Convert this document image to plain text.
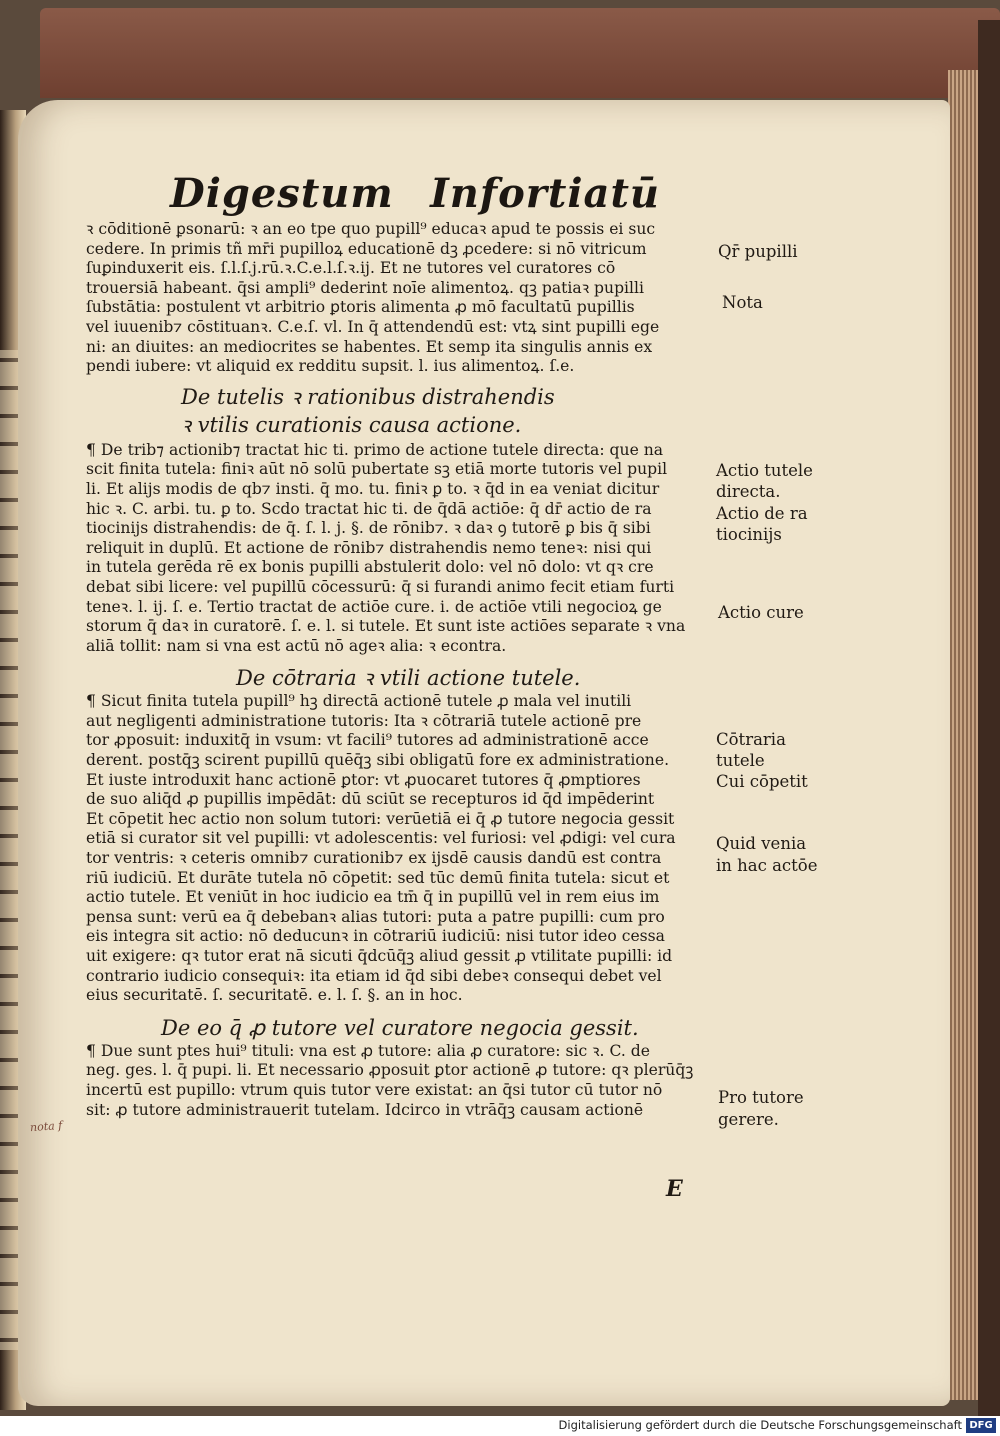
Digestum Infortiatū
ꝛ cōditionē ꝑsonarū: ꝛ an eo tpe quo pupill⁹ educaꝛ apud te possis ei suc
cedere. In primis tñ mr̄i pupilloꝝ educationē dꝫ ꝓcedere: si nō vitricum
ſuꝑinduxerit eis. ſ.l.ſ.j.rū.ꝛ.C.e.l.ſ.ꝛ.ij. Et ne tutores vel curatores cō
trouersiā habeant. q̄si ampli⁹ dederint noīe alimentoꝝ. qꝫ patiaꝛ pupilli
ſubstātia: postulent vt arbitrio ꝑtoris alimenta ꝓ mō facultatū pupillis
vel iuuenib⁊ cōstituanꝛ. C.e.ſ. vl. In q̄ attendendū est: vtꝝ sint pupilli ege
ni: an diuites: an mediocrites se habentes. Et semp ita singulis annis ex
pendi iubere: vt aliquid ex redditu supsit. l. ius alimentoꝝ. ſ.e.
De tutelis ꝛ rationibus distrahendis
ꝛ vtilis curationis causa actione.
¶ De trib⁊ actionib⁊ tractat hic ti. primo de actione tutele directa: que na
scit finita tutela: finiꝛ aūt nō solū pubertate sꝫ etiā morte tutoris vel pupil
li. Et alijs modis de qb⁊ insti. q̄ mo. tu. finiꝛ ꝑ to. ꝛ q̄d in ea veniat dicitur
hic ꝛ. C. arbi. tu. ꝑ to. Scd̄o tractat hic ti. de q̄dā actiōe: q̄ dr̄ actio de ra
tiocinijs distrahendis: de q̄. ſ. l. j. §. de rōnib⁊. ꝛ daꝛ ꝯ tutorē ꝑ bis q̄ sibi
reliquit in duplū. Et actione de rōnib⁊ distrahendis nemo teneꝛ: nisi qui
in tutela gerēda rē ex bonis pupilli abstulerit dolo: vel nō dolo: vt qꝛ cre
debat sibi licere: vel pupillū cōcessurū: q̄ si furandi animo fecit etiam furti
teneꝛ. l. ij. ſ. e. Tertio tractat de actiōe cure. i. de actiōe vtili negocioꝝ ge
storum q̄ daꝛ in curatorē. ſ. e. l. si tutele. Et sunt iste actiōes separate ꝛ vna
aliā tollit: nam si vna est actū nō ageꝛ alia: ꝛ econtra.
De cōtraria ꝛ vtili actione tutele.
¶ Sicut finita tutela pupill⁹ hꝫ directā actionē tutele ꝓ mala vel inutili
aut negligenti administratione tutoris: Ita ꝛ cōtrariā tutele actionē pre
tor ꝓposuit: induxitq̄ in vsum: vt facili⁹ tutores ad administrationē acce
derent. postq̄ꝫ scirent pupillū quēq̄ꝫ sibi obligatū fore ex administratione.
Et iuste introduxit hanc actionē ꝑtor: vt ꝓuocaret tutores q̄ ꝓmptiores
de suo aliq̄d ꝓ pupillis impēdāt: dū sciūt se recepturos id q̄d impēderint
Et cōpetit hec actio non solum tutori: verūetiā ei q̄ ꝓ tutore negocia gessit
etiā si curator sit vel pupilli: vt adolescentis: vel furiosi: vel ꝓdigi: vel cura
tor ventris: ꝛ ceteris omnib⁊ curationib⁊ ex ijsdē causis dandū est contra
riū iudiciū. Et durāte tutela nō cōpetit: sed tūc demū finita tutela: sicut et
actio tutele. Et veniūt in hoc iudicio ea tm̄ q̄ in pupillū vel in rem eius im
pensa sunt: verū ea q̄ debebanꝛ alias tutori: puta a patre pupilli: cum pro
eis integra sit actio: nō deducunꝛ in cōtrariū iudiciū: nisi tutor ideo cessa
uit exigere: qꝛ tutor erat nā sicuti q̄dcūq̄ꝫ aliud gessit ꝓ vtilitate pupilli: id
contrario iudicio consequiꝛ: ita etiam id q̄d sibi debeꝛ consequi debet vel
eius securitatē. ſ. securitatē. e. l. ſ. §. an in hoc.
De eo q̄ ꝓ tutore vel curatore negocia gessit.
¶ Due sunt ptes hui⁹ tituli: vna est ꝓ tutore: alia ꝓ curatore: sic ꝛ. C. de
neg. ges. l. q̄ pupi. li. Et necessario ꝓposuit ꝑtor actionē ꝓ tutore: qꝛ plerūq̄ꝫ
incertū est pupillo: vtrum quis tutor vere existat: an q̄si tutor cū tutor nō
sit: ꝓ tutore administrauerit tutelam. Idcirco in vtrāq̄ꝫ causam actionē
E
Qr̄ pupilli
Nota
Actio tutele
directa.
Actio de ra
tiocinijs
Actio cure
Cōtraria
tutele
Cui cōpetit
Quid venia
in hac actōe
Pro tutore
gerere.
nota f
Digitalisierung gefördert durch die Deutsche Forschungsgemeinschaft DFG
